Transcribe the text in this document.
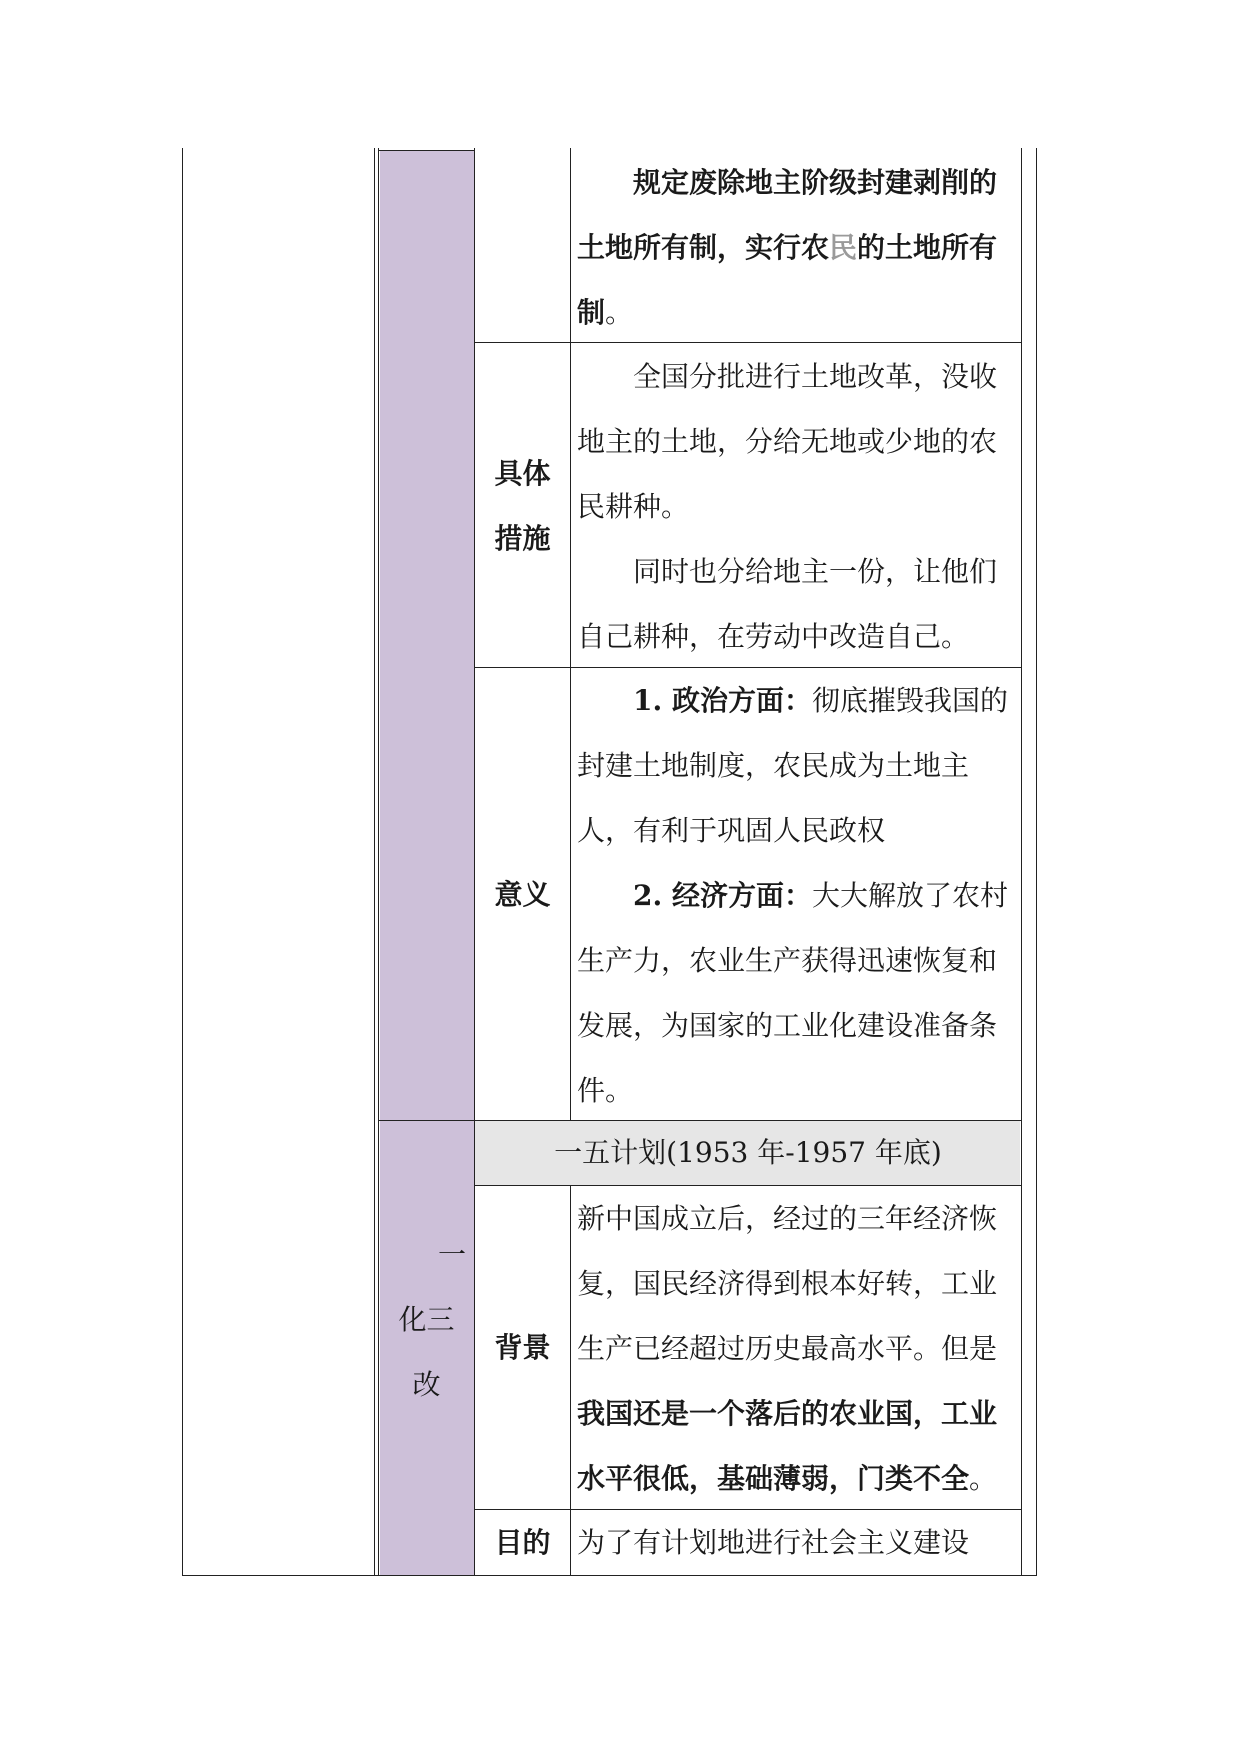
规定废除地主阶级封建剥削的土地所有制，实行农民的土地所有制。

具体
措施

全国分批进行土地改革，没收地主的土地，分给无地或少地的农民耕种。

同时也分给地主一份，让他们自己耕种，在劳动中改造自己。

意义

1. 政治方面：彻底摧毁我国的封建土地制度，农民成为土地主人，有利于巩固人民政权

2. 经济方面：大大解放了农村生产力，农业生产获得迅速恢复和发展，为国家的工业化建设准备条件。

一
化三
改
一五计划(1953 年-1957 年底)
背景

新中国成立后，经过的三年经济恢复，国民经济得到根本好转，工业生产已经超过历史最高水平。但是我国还是一个落后的农业国，工业水平很低，基础薄弱，门类不全。

目的 为了有计划地进行社会主义建设
